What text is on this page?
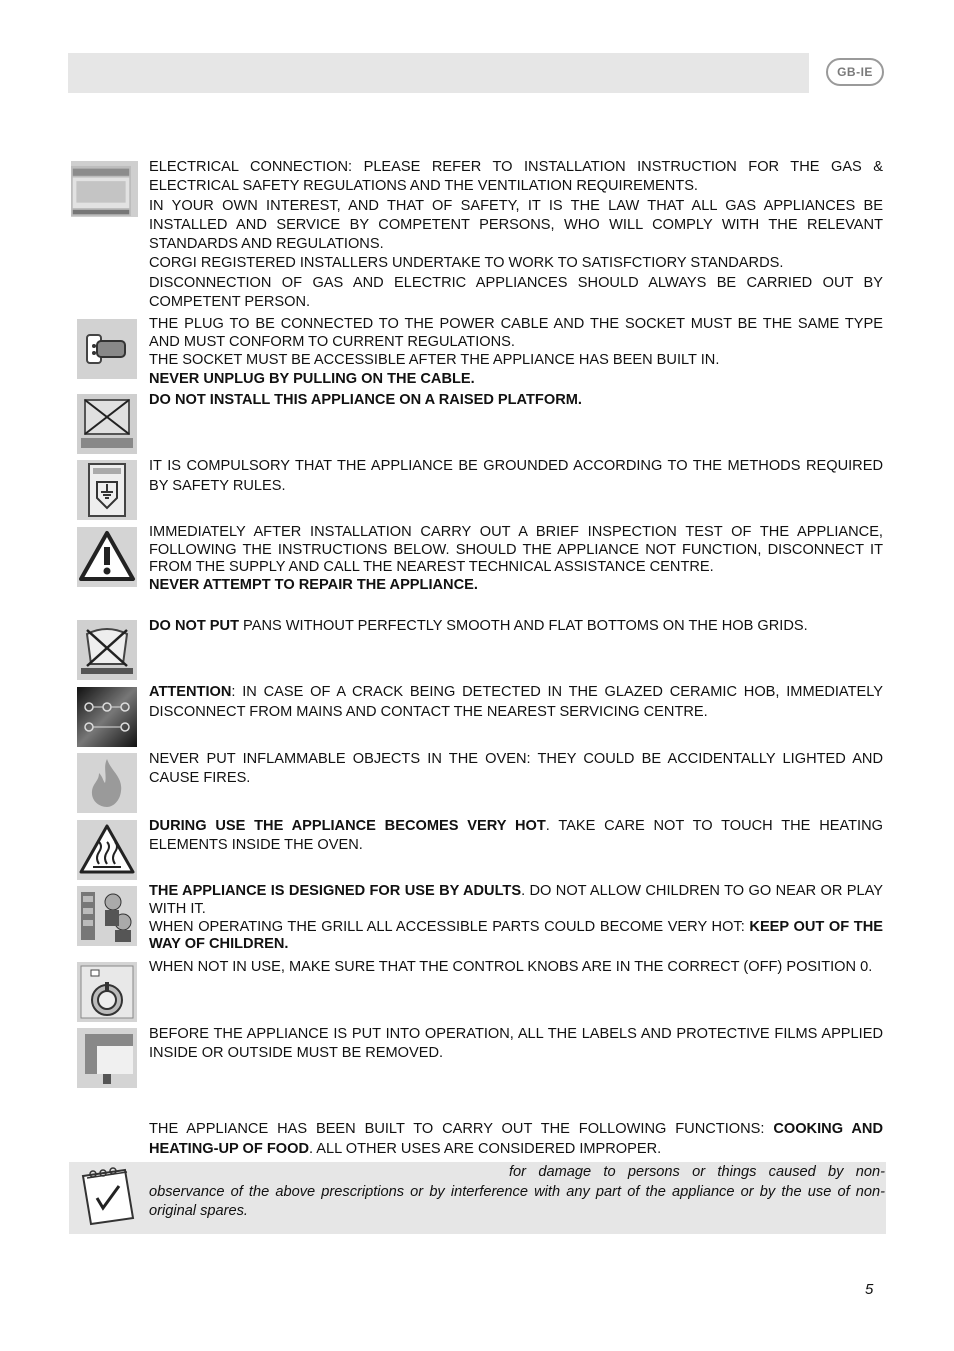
GB-IE

ELECTRICAL CONNECTION: PLEASE REFER TO INSTALLATION INSTRUCTION FOR THE GAS & ELECTRICAL SAFETY REGULATIONS AND THE VENTILATION REQUIREMENTS.

IN YOUR OWN INTEREST, AND THAT OF SAFETY, IT IS THE LAW THAT ALL GAS APPLIANCES BE INSTALLED AND SERVICE BY COMPETENT PERSONS, WHO WILL COMPLY WITH THE RELEVANT STANDARDS AND REGULATIONS.

CORGI REGISTERED INSTALLERS UNDERTAKE TO WORK TO SATISFCTIORY STANDARDS.

DISCONNECTION OF GAS AND ELECTRIC APPLIANCES SHOULD ALWAYS BE CARRIED OUT BY COMPETENT PERSON.

THE PLUG TO BE CONNECTED TO THE POWER CABLE AND THE SOCKET MUST BE THE SAME TYPE AND MUST CONFORM TO CURRENT REGULATIONS.

THE SOCKET MUST BE ACCESSIBLE AFTER THE APPLIANCE HAS BEEN BUILT IN.

NEVER UNPLUG BY PULLING ON THE CABLE.

DO NOT INSTALL THIS APPLIANCE ON A RAISED PLATFORM.

IT IS COMPULSORY THAT THE APPLIANCE BE GROUNDED ACCORDING TO THE METHODS REQUIRED BY SAFETY RULES.

IMMEDIATELY AFTER INSTALLATION CARRY OUT A BRIEF INSPECTION TEST OF THE APPLIANCE, FOLLOWING THE INSTRUCTIONS BELOW. SHOULD THE APPLIANCE NOT FUNCTION, DISCONNECT IT FROM THE SUPPLY AND CALL THE NEAREST TECHNICAL ASSISTANCE CENTRE.

NEVER ATTEMPT TO REPAIR THE APPLIANCE.

DO NOT PUT PANS WITHOUT PERFECTLY SMOOTH AND FLAT BOTTOMS ON THE HOB GRIDS.

ATTENTION: IN CASE OF A CRACK BEING DETECTED IN THE GLAZED CERAMIC HOB, IMMEDIATELY DISCONNECT FROM MAINS AND CONTACT THE NEAREST SERVICING CENTRE.

NEVER PUT INFLAMMABLE OBJECTS IN THE OVEN: THEY COULD BE ACCIDENTALLY LIGHTED AND CAUSE FIRES.

DURING USE THE APPLIANCE BECOMES VERY HOT. TAKE CARE NOT TO TOUCH THE HEATING ELEMENTS INSIDE THE OVEN.

THE APPLIANCE IS DESIGNED FOR USE BY ADULTS. DO NOT ALLOW CHILDREN TO GO NEAR OR PLAY WITH IT.

WHEN OPERATING THE GRILL ALL ACCESSIBLE PARTS COULD BECOME VERY HOT: KEEP OUT OF THE WAY OF CHILDREN.

WHEN NOT IN USE, MAKE SURE THAT THE CONTROL KNOBS ARE IN THE CORRECT (OFF) POSITION 0.

BEFORE THE APPLIANCE IS PUT INTO OPERATION, ALL THE LABELS AND PROTECTIVE FILMS APPLIED INSIDE OR OUTSIDE MUST BE REMOVED.

THE APPLIANCE HAS BEEN BUILT TO CARRY OUT THE FOLLOWING FUNCTIONS: COOKING AND HEATING-UP OF FOOD. ALL OTHER USES ARE CONSIDERED IMPROPER.

for damage to persons or things caused by non-observance of the above prescriptions or by interference with any part of the appliance or by the use of non-original spares.

5
